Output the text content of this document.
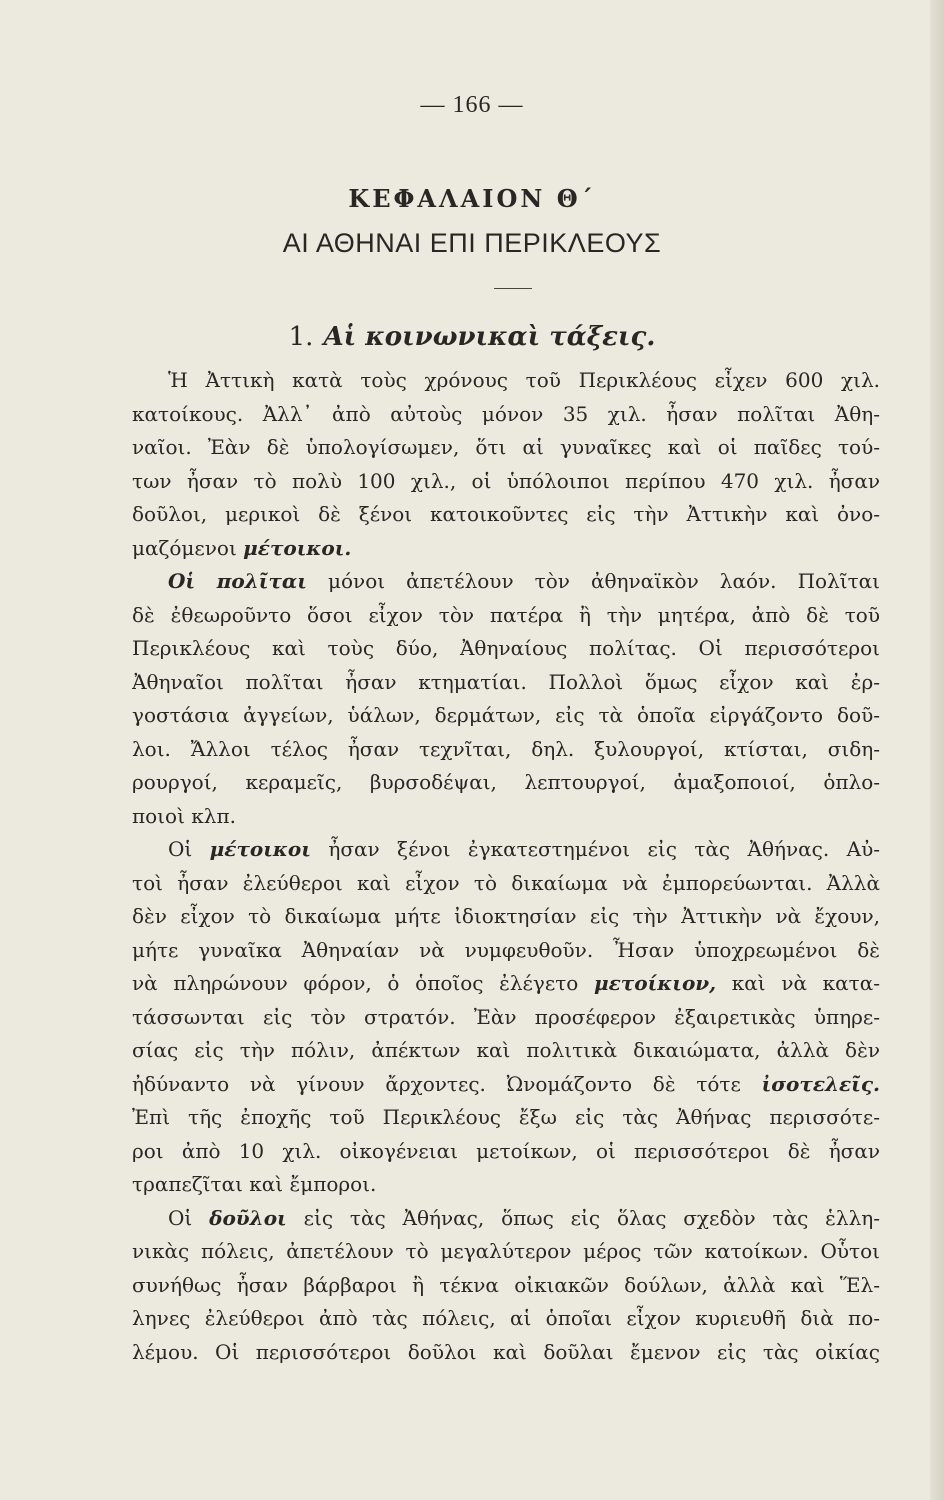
— 166 —
ΚΕΦΑΛΑΙΟΝ Θ΄
ΑΙ ΑΘΗΝΑΙ ΕΠΙ ΠΕΡΙΚΛΕΟΥΣ
1. Αἱ κοινωνικαὶ τάξεις.
Ἡ Ἀττικὴ κατὰ τοὺς χρόνους τοῦ Περικλέους εἶχεν 600 χιλ.
κατοίκους. Ἀλλ᾽ ἀπὸ αὐτοὺς μόνον 35 χιλ. ἦσαν πολῖται Ἀθη-
ναῖοι. Ἐὰν δὲ ὑπολογίσωμεν, ὅτι αἱ γυναῖκες καὶ οἱ παῖδες τού-
των ἦσαν τὸ πολὺ 100 χιλ., οἱ ὑπόλοιποι περίπου 470 χιλ. ἦσαν
δοῦλοι, μερικοὶ δὲ ξένοι κατοικοῦντες εἰς τὴν Ἀττικὴν καὶ ὀνο-
μαζόμενοι μέτοικοι.
Οἱ πολῖται μόνοι ἀπετέλουν τὸν ἀθηναϊκὸν λαόν. Πολῖται
δὲ ἐθεωροῦντο ὅσοι εἶχον τὸν πατέρα ἢ τὴν μητέρα, ἀπὸ δὲ τοῦ
Περικλέους καὶ τοὺς δύο, Ἀθηναίους πολίτας. Οἱ περισσότεροι
Ἀθηναῖοι πολῖται ἦσαν κτηματίαι. Πολλοὶ ὅμως εἶχον καὶ ἐρ-
γοστάσια ἀγγείων, ὑάλων, δερμάτων, εἰς τὰ ὁποῖα εἰργάζοντο δοῦ-
λοι. Ἄλλοι τέλος ἦσαν τεχνῖται, δηλ. ξυλουργοί, κτίσται, σιδη-
ρουργοί, κεραμεῖς, βυρσοδέψαι, λεπτουργοί, ἁμαξοποιοί, ὁπλο-
ποιοὶ κλπ.
Οἱ μέτοικοι ἦσαν ξένοι ἐγκατεστημένοι εἰς τὰς Ἀθήνας. Αὐ-
τοὶ ἦσαν ἐλεύθεροι καὶ εἶχον τὸ δικαίωμα νὰ ἐμπορεύωνται. Ἀλλὰ
δὲν εἶχον τὸ δικαίωμα μήτε ἰδιοκτησίαν εἰς τὴν Ἀττικὴν νὰ ἔχουν,
μήτε γυναῖκα Ἀθηναίαν νὰ νυμφευθοῦν. Ἦσαν ὑποχρεωμένοι δὲ
νὰ πληρώνουν φόρον, ὁ ὁποῖος ἐλέγετο μετοίκιον, καὶ νὰ κατα-
τάσσωνται εἰς τὸν στρατόν. Ἐὰν προσέφερον ἐξαιρετικὰς ὑπηρε-
σίας εἰς τὴν πόλιν, ἀπέκτων καὶ πολιτικὰ δικαιώματα, ἀλλὰ δὲν
ἠδύναντο νὰ γίνουν ἄρχοντες. Ὠνομάζοντο δὲ τότε ἰσοτελεῖς.
Ἐπὶ τῆς ἐποχῆς τοῦ Περικλέους ἔξω εἰς τὰς Ἀθήνας περισσότε-
ροι ἀπὸ 10 χιλ. οἰκογένειαι μετοίκων, οἱ περισσότεροι δὲ ἦσαν
τραπεζῖται καὶ ἔμποροι.
Οἱ δοῦλοι εἰς τὰς Ἀθήνας, ὅπως εἰς ὅλας σχεδὸν τὰς ἑλλη-
νικὰς πόλεις, ἀπετέλουν τὸ μεγαλύτερον μέρος τῶν κατοίκων. Οὗτοι
συνήθως ἦσαν βάρβαροι ἢ τέκνα οἰκιακῶν δούλων, ἀλλὰ καὶ Ἕλ-
ληνες ἐλεύθεροι ἀπὸ τὰς πόλεις, αἱ ὁποῖαι εἶχον κυριευθῆ διὰ πο-
λέμου. Οἱ περισσότεροι δοῦλοι καὶ δοῦλαι ἔμενον εἰς τὰς οἰκίας
